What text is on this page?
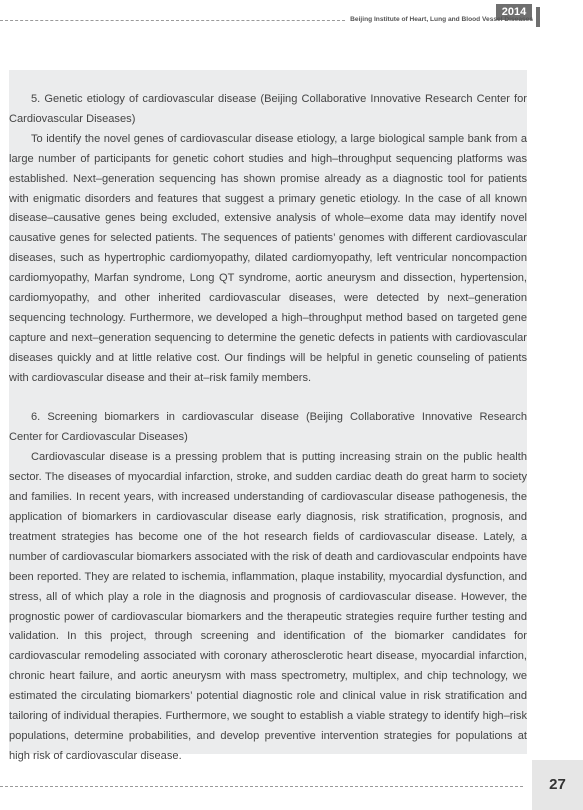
2014
Beijing Institute of Heart, Lung and Blood Vessel Diseases

5. Genetic etiology of cardiovascular disease (Beijing Collaborative Innovative Research Center for Cardiovascular Diseases)

To identify the novel genes of cardiovascular disease etiology, a large biological sample bank from a large number of participants for genetic cohort studies and high–throughput sequencing platforms was established. Next–generation sequencing has shown promise already as a diagnostic tool for patients with enigmatic disorders and features that suggest a primary genetic etiology. In the case of all known disease–causative genes being excluded, extensive analysis of whole–exome data may identify novel causative genes for selected patients. The sequences of patients’ genomes with different cardiovascular diseases, such as hypertrophic cardiomyopathy, dilated cardiomyopathy, left ventricular noncompaction cardiomyopathy, Marfan syndrome, Long QT syndrome, aortic aneurysm and dissection, hypertension, cardiomyopathy, and other inherited cardiovascular diseases, were detected by next–generation sequencing technology. Furthermore, we developed a high–throughput method based on targeted gene capture and next–generation sequencing to determine the genetic defects in patients with cardiovascular diseases quickly and at little relative cost. Our findings will be helpful in genetic counseling of patients with cardiovascular disease and their at–risk family members.

6. Screening biomarkers in cardiovascular disease (Beijing Collaborative Innovative Research Center for Cardiovascular Diseases)

Cardiovascular disease is a pressing problem that is putting increasing strain on the public health sector. The diseases of myocardial infarction, stroke, and sudden cardiac death do great harm to society and families. In recent years, with increased understanding of cardiovascular disease pathogenesis, the application of biomarkers in cardiovascular disease early diagnosis, risk stratification, prognosis, and treatment strategies has become one of the hot research fields of cardiovascular disease. Lately, a number of cardiovascular biomarkers associated with the risk of death and cardiovascular endpoints have been reported. They are related to ischemia, inflammation, plaque instability, myocardial dysfunction, and stress, all of which play a role in the diagnosis and prognosis of cardiovascular disease. However, the prognostic power of cardiovascular biomarkers and the therapeutic strategies require further testing and validation. In this project, through screening and identification of the biomarker candidates for cardiovascular remodeling associated with coronary atherosclerotic heart disease, myocardial infarction, chronic heart failure, and aortic aneurysm with mass spectrometry, multiplex, and chip technology, we estimated the circulating biomarkers’ potential diagnostic role and clinical value in risk stratification and tailoring of individual therapies. Furthermore, we sought to establish a viable strategy to identify high–risk populations, determine probabilities, and develop preventive intervention strategies for populations at high risk of cardiovascular disease.

27
